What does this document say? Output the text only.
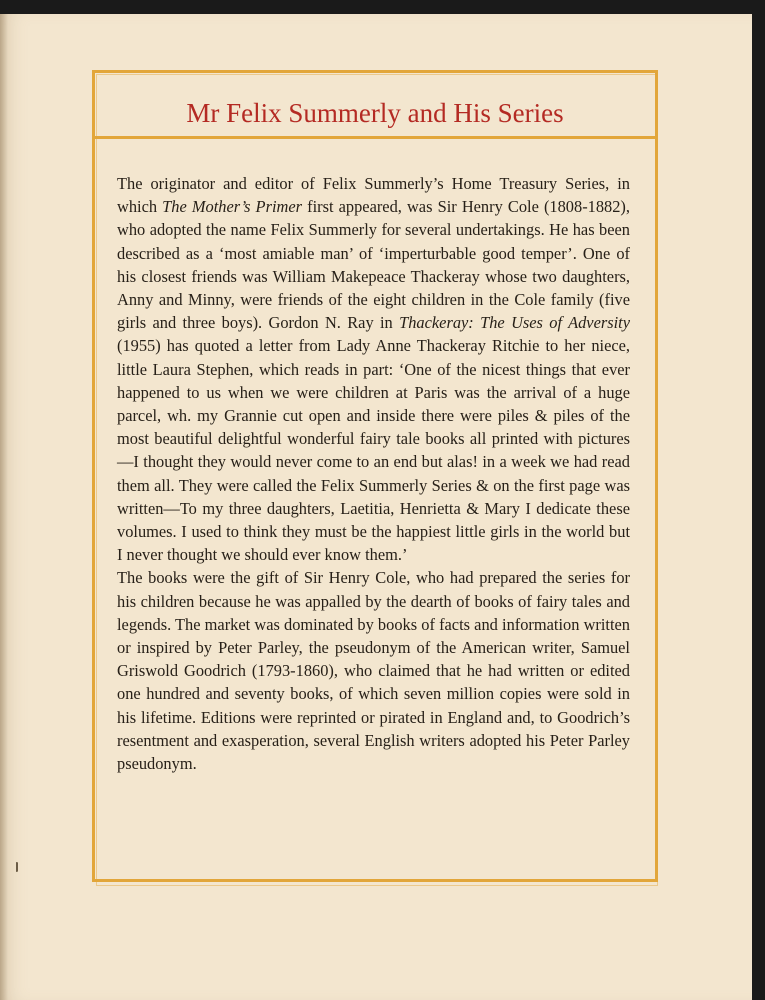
Mr Felix Summerly and His Series

The originator and editor of Felix Summerly’s Home Treasury Series, in which The Mother’s Primer first appeared, was Sir Henry Cole (1808-1882), who adopted the name Felix Summerly for several undertakings. He has been described as a ‘most amiable man’ of ‘imperturbable good temper’. One of his closest friends was William Makepeace Thackeray whose two daughters, Anny and Minny, were friends of the eight children in the Cole family (five girls and three boys). Gordon N. Ray in Thackeray: The Uses of Adversity (1955) has quoted a letter from Lady Anne Thackeray Ritchie to her niece, little Laura Stephen, which reads in part: ‘One of the nicest things that ever happened to us when we were children at Paris was the arrival of a huge parcel, wh. my Grannie cut open and inside there were piles & piles of the most beautiful delightful wonderful fairy tale books all printed with pictures—I thought they would never come to an end but alas! in a week we had read them all. They were called the Felix Summerly Series & on the first page was written—To my three daughters, Laetitia, Henrietta & Mary I dedicate these volumes. I used to think they must be the happiest little girls in the world but I never thought we should ever know them.’

The books were the gift of Sir Henry Cole, who had prepared the series for his children because he was appalled by the dearth of books of fairy tales and legends. The market was dominated by books of facts and information written or inspired by Peter Parley, the pseudonym of the American writer, Samuel Griswold Goodrich (1793-1860), who claimed that he had written or edited one hundred and seventy books, of which seven million copies were sold in his lifetime. Editions were reprinted or pirated in England and, to Goodrich’s resentment and exasperation, several English writers adopted his Peter Parley pseudonym.
